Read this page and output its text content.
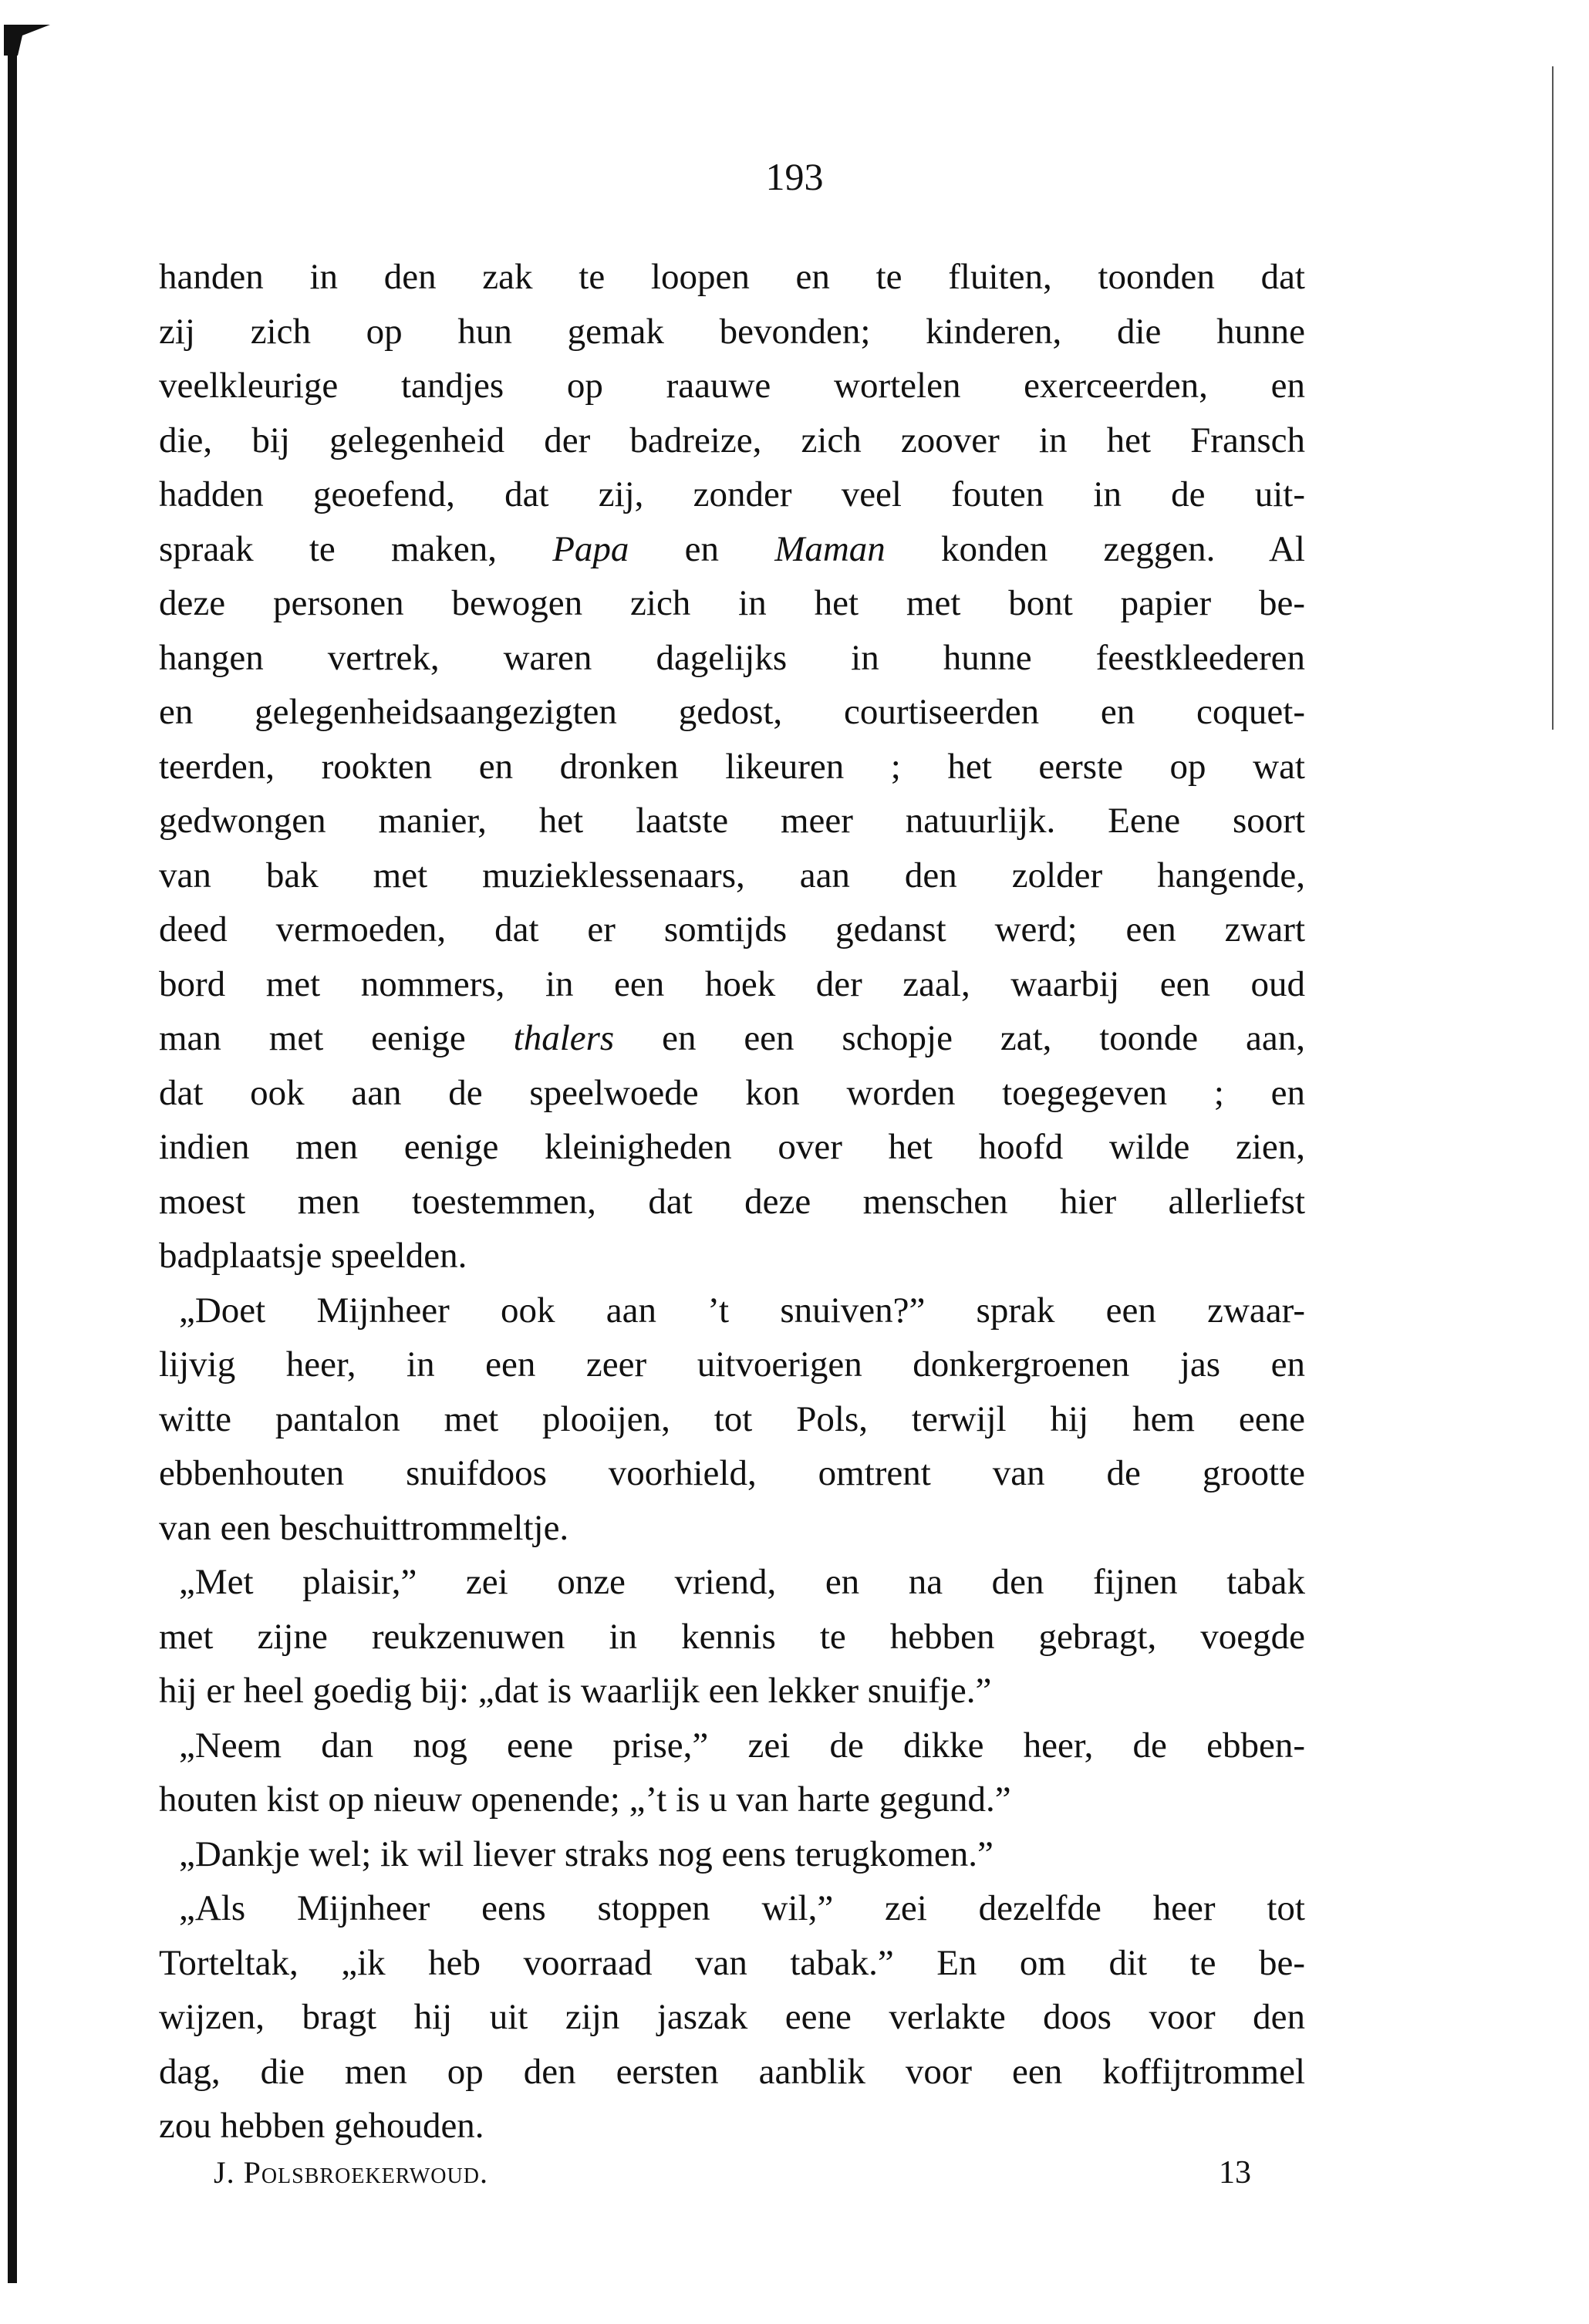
193
handen in den zak te loopen en te fluiten, toonden dat
zij zich op hun gemak bevonden; kinderen, die hunne
veelkleurige tandjes op raauwe wortelen exerceerden, en
die, bij gelegenheid der badreize, zich zoover in het Fransch
hadden geoefend, dat zij, zonder veel fouten in de uit-
spraak te maken, Papa en Maman konden zeggen. Al
deze personen bewogen zich in het met bont papier be-
hangen vertrek, waren dagelijks in hunne feestkleederen
en gelegenheidsaangezigten gedost, courtiseerden en coquet-
teerden, rookten en dronken likeuren ; het eerste op wat
gedwongen manier, het laatste meer natuurlijk. Eene soort
van bak met muzieklessenaars, aan den zolder hangende,
deed vermoeden, dat er somtijds gedanst werd; een zwart
bord met nommers, in een hoek der zaal, waarbij een oud
man met eenige thalers en een schopje zat, toonde aan,
dat ook aan de speelwoede kon worden toegegeven ; en
indien men eenige kleinigheden over het hoofd wilde zien,
moest men toestemmen, dat deze menschen hier allerliefst
badplaatsje speelden.
„Doet Mijnheer ook aan ’t snuiven?” sprak een zwaar-
lijvig heer, in een zeer uitvoerigen donkergroenen jas en
witte pantalon met plooijen, tot Pols, terwijl hij hem eene
ebbenhouten snuifdoos voorhield, omtrent van de grootte
van een beschuittrommeltje.
„Met plaisir,” zei onze vriend, en na den fijnen tabak
met zijne reukzenuwen in kennis te hebben gebragt, voegde
hij er heel goedig bij: „dat is waarlijk een lekker snuifje.”
„Neem dan nog eene prise,” zei de dikke heer, de ebben-
houten kist op nieuw openende; „’t is u van harte gegund.”
„Dankje wel; ik wil liever straks nog eens terugkomen.”
„Als Mijnheer eens stoppen wil,” zei dezelfde heer tot
Torteltak, „ik heb voorraad van tabak.” En om dit te be-
wijzen, bragt hij uit zijn jaszak eene verlakte doos voor den
dag, die men op den eersten aanblik voor een koffijtrommel
zou hebben gehouden.
J. Polsbroekerwoud.	13
